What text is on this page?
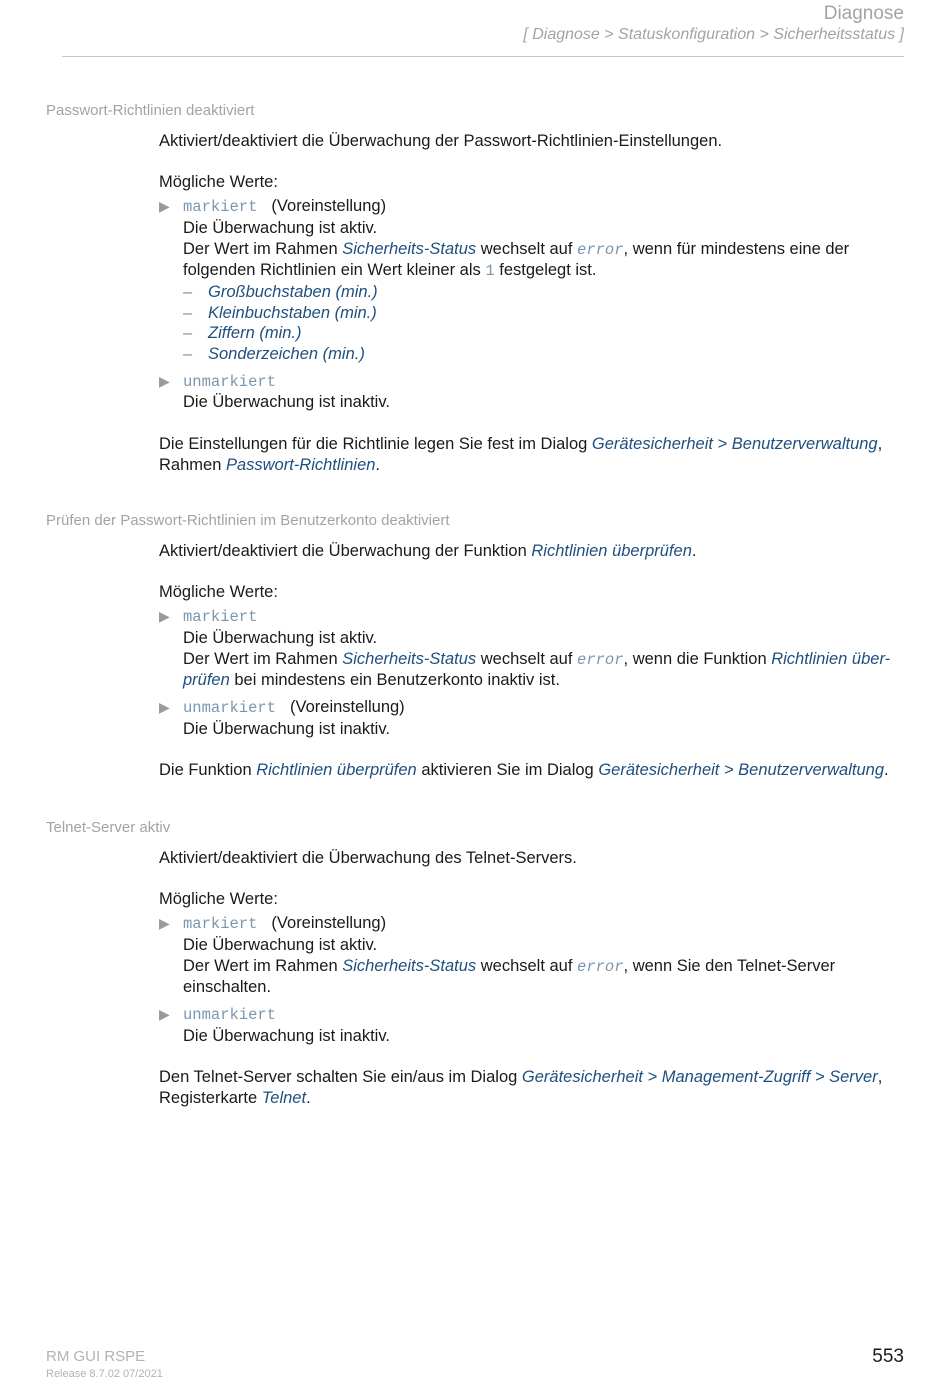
Diagnose
[ Diagnose > Statuskonfiguration > Sicherheitsstatus ]
Passwort-Richtlinien deaktiviert

Aktiviert/deaktiviert die Überwachung der Passwort-Richtlinien-Einstellungen.

Mögliche Werte:

▶ markiert (Voreinstellung)

Die Überwachung ist aktiv.

Der Wert im Rahmen Sicherheits-Status wechselt auf error, wenn für mindestens eine der folgenden Richtlinien ein Wert kleiner als 1 festgelegt ist.

– Großbuchstaben (min.)
– Kleinbuchstaben (min.)
– Ziffern (min.)
– Sonderzeichen (min.)
▶ unmarkiert

Die Überwachung ist inaktiv.

Die Einstellungen für die Richtlinie legen Sie fest im Dialog Gerätesicherheit > Benutzerverwaltung, Rahmen Passwort-Richtlinien.

Prüfen der Passwort-Richtlinien im Benutzerkonto deaktiviert

Aktiviert/deaktiviert die Überwachung der Funktion Richtlinien überprüfen.

Mögliche Werte:

▶ markiert

Die Überwachung ist aktiv.

Der Wert im Rahmen Sicherheits-Status wechselt auf error, wenn die Funktion Richtlinien über-prüfen bei mindestens ein Benutzerkonto inaktiv ist.

▶ unmarkiert (Voreinstellung)

Die Überwachung ist inaktiv.

Die Funktion Richtlinien überprüfen aktivieren Sie im Dialog Gerätesicherheit > Benutzerverwaltung.

Telnet-Server aktiv

Aktiviert/deaktiviert die Überwachung des Telnet-Servers.

Mögliche Werte:

▶ markiert (Voreinstellung)

Die Überwachung ist aktiv.

Der Wert im Rahmen Sicherheits-Status wechselt auf error, wenn Sie den Telnet-Server einschalten.

▶ unmarkiert

Die Überwachung ist inaktiv.

Den Telnet-Server schalten Sie ein/aus im Dialog Gerätesicherheit > Management-Zugriff > Server, Registerkarte Telnet.

RM GUI RSPE
Release 8.7.02 07/2021
553
